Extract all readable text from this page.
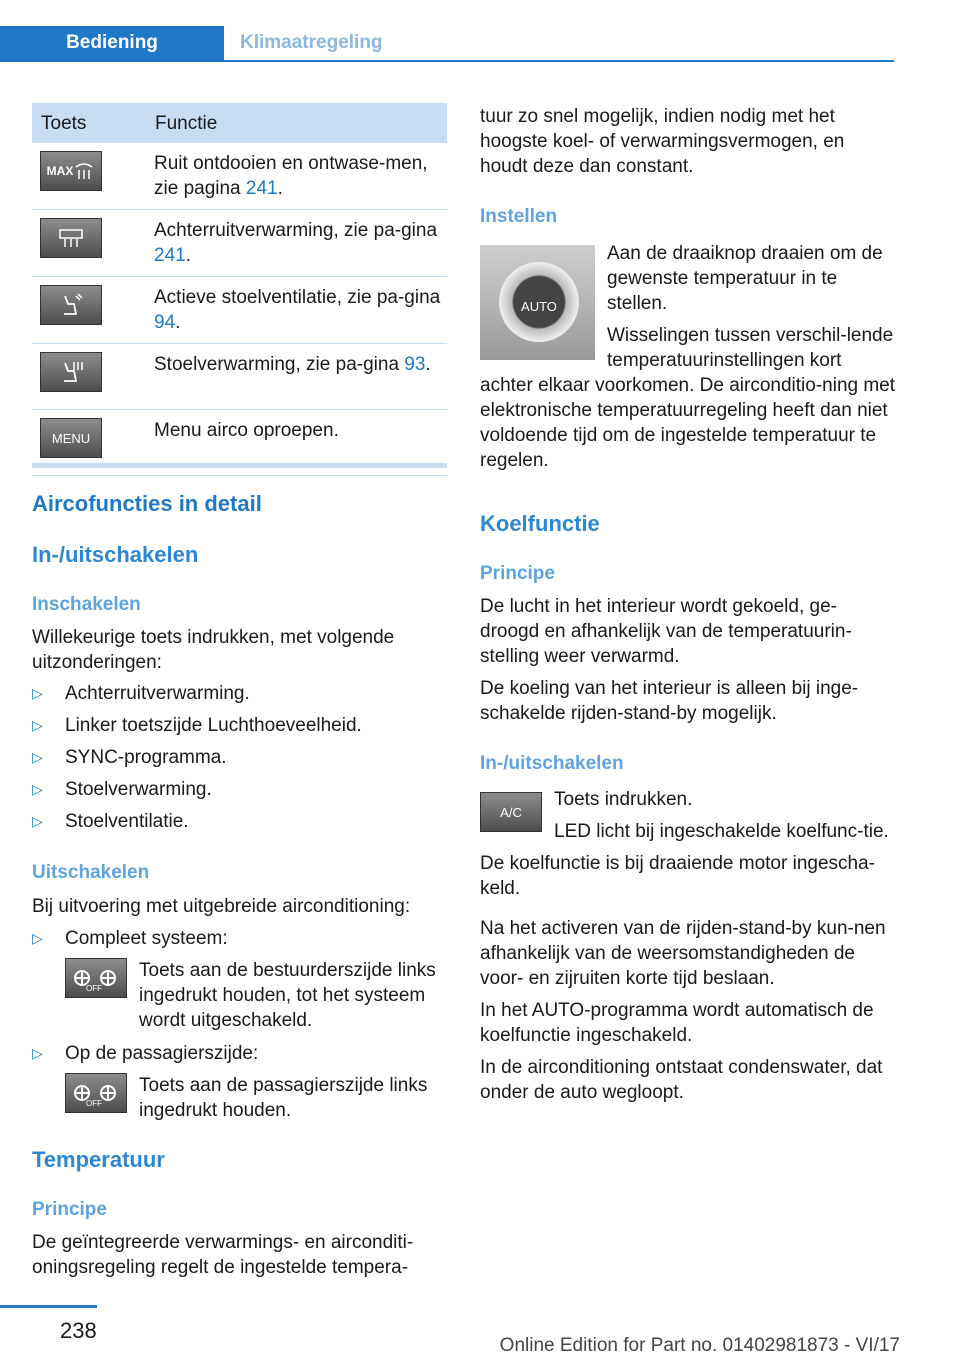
Bediening	Klimaatregeling
Toets	Functie

MAX	Ruit ontdooien en ontwase-men, zie pagina 241.

	Achterruitverwarming, zie pa-gina 241.

	Actieve stoelventilatie, zie pa-gina 94.

	Stoelverwarming, zie pa-gina 93.

MENU	Menu airco oproepen.
Aircofuncties in detail
In-/uitschakelen
Inschakelen

Willekeurige toets indrukken, met volgende uitzonderingen:

▷ Achterruitverwarming.
▷ Linker toetszijde Luchthoeveelheid.
▷ SYNC-programma.
▷ Stoelverwarming.
▷ Stoelventilatie.
Uitschakelen

Bij uitvoering met uitgebreide airconditioning:

▷ Compleet systeem:
OFF
Toets aan de bestuurderszijde links ingedrukt houden, tot het systeem wordt uitgeschakeld.
▷ Op de passagierszijde:
OFF
Toets aan de passagierszijde links ingedrukt houden.
Temperatuur
Principe

De geïntegreerde verwarmings- en airconditi-oningsregeling regelt de ingestelde tempera-

tuur zo snel mogelijk, indien nodig met het hoogste koel- of verwarmingsvermogen, en houdt deze dan constant.

Instellen
AUTO

Aan de draaiknop draaien om de gewenste temperatuur in te stellen.

Wisselingen tussen verschil-lende temperatuurinstellingen kort achter elkaar voorkomen. De airconditio-ning met elektronische temperatuurregeling heeft dan niet voldoende tijd om de ingestelde temperatuur te regelen.

Koelfunctie
Principe

De lucht in het interieur wordt gekoeld, ge-droogd en afhankelijk van de temperatuurin-stelling weer verwarmd.

De koeling van het interieur is alleen bij inge-schakelde rijden-stand-by mogelijk.

In-/uitschakelen
A/C

Toets indrukken.

LED licht bij ingeschakelde koelfunc-tie.

De koelfunctie is bij draaiende motor ingescha-keld.

Na het activeren van de rijden-stand-by kun-nen afhankelijk van de weersomstandigheden de voor- en zijruiten korte tijd beslaan.

In het AUTO-programma wordt automatisch de koelfunctie ingeschakeld.

In de airconditioning ontstaat condenswater, dat onder de auto wegloopt.

238
Online Edition for Part no. 01402981873 - VI/17
